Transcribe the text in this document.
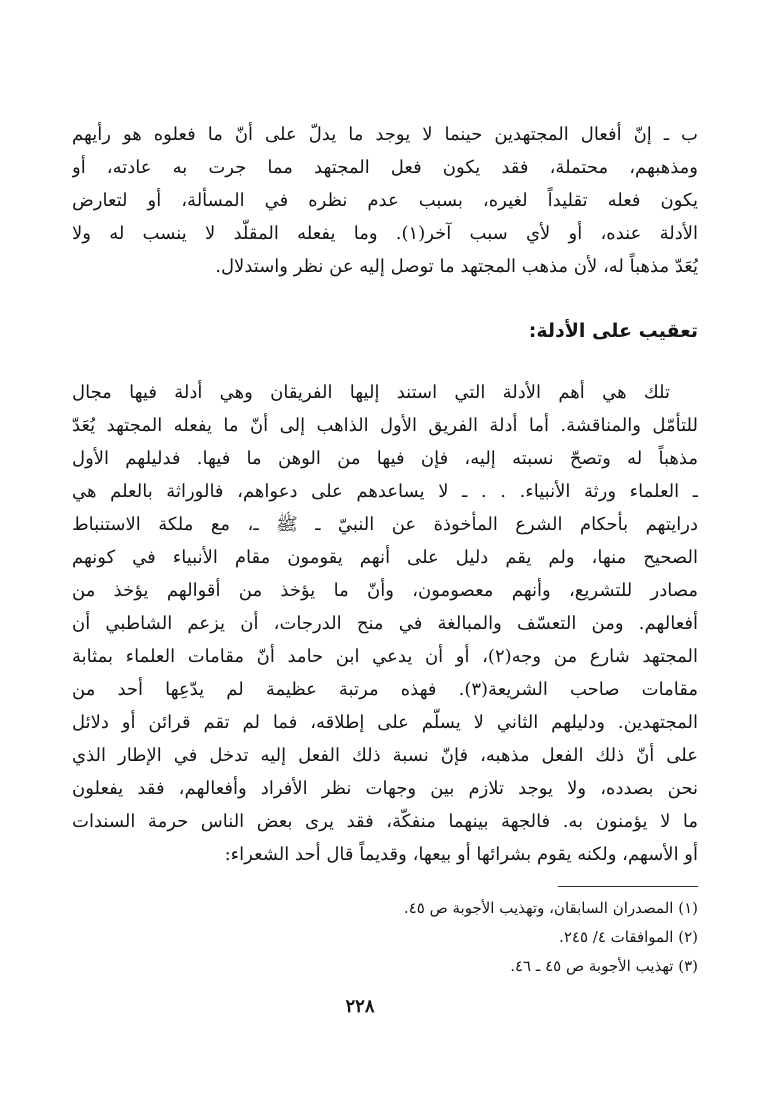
ب ـ إنّ أفعال المجتهدين حينما لا يوجد ما يدلّ على أنّ ما فعلوه هو رأيهم
ومذهبهم، محتملة، فقد يكون فعل المجتهد مما جرت به عادته، أو
يكون فعله تقليداً لغيره، بسبب عدم نظره في المسألة، أو لتعارض
الأدلة عنده، أو لأي سبب آخر(١). وما يفعله المقلّد لا ينسب له ولا
يُعَدّ مذهباً له، لأن مذهب المجتهد ما توصل إليه عن نظر واستدلال.
تعقيب على الأدلة:
تلك هي أهم الأدلة التي استند إليها الفريقان وهي أدلة فيها مجال
للتأمّل والمناقشة. أما أدلة الفريق الأول الذاهب إلى أنّ ما يفعله المجتهد يُعَدّ
مذهباً له وتصحّ نسبته إليه، فإن فيها من الوهن ما فيها. فدليلهم الأول
ـ العلماء ورثة الأنبياء. . . ـ لا يساعدهم على دعواهم، فالوراثة بالعلم هي
درايتهم بأحكام الشرع المأخوذة عن النبيّ ـ ﷺ ـ، مع ملكة الاستنباط
الصحيح منها، ولم يقم دليل على أنهم يقومون مقام الأنبياء في كونهم
مصادر للتشريع، وأنهم معصومون، وأنّ ما يؤخذ من أقوالهم يؤخذ من
أفعالهم. ومن التعسّف والمبالغة في منح الدرجات، أن يزعم الشاطبي أن
المجتهد شارع من وجه(٢)، أو أن يدعي ابن حامد أنّ مقامات العلماء بمثابة
مقامات صاحب الشريعة(٣). فهذه مرتبة عظيمة لم يدّعِها أحد من
المجتهدين. ودليلهم الثاني لا يسلّم على إطلاقه، فما لم تقم قرائن أو دلائل
على أنّ ذلك الفعل مذهبه، فإنّ نسبة ذلك الفعل إليه تدخل في الإطار الذي
نحن بصدده، ولا يوجد تلازم بين وجهات نظر الأفراد وأفعالهم، فقد يفعلون
ما لا يؤمنون به. فالجهة بينهما منفكّة، فقد يرى بعض الناس حرمة السندات
أو الأسهم، ولكنه يقوم بشرائها أو بيعها، وقديماً قال أحد الشعراء:
(١) المصدران السابقان، وتهذيب الأجوبة ص ٤٥.
(٢) الموافقات ٤/ ٢٤٥.
(٣) تهذيب الأجوبة ص ٤٥ ـ ٤٦.
٢٢٨
